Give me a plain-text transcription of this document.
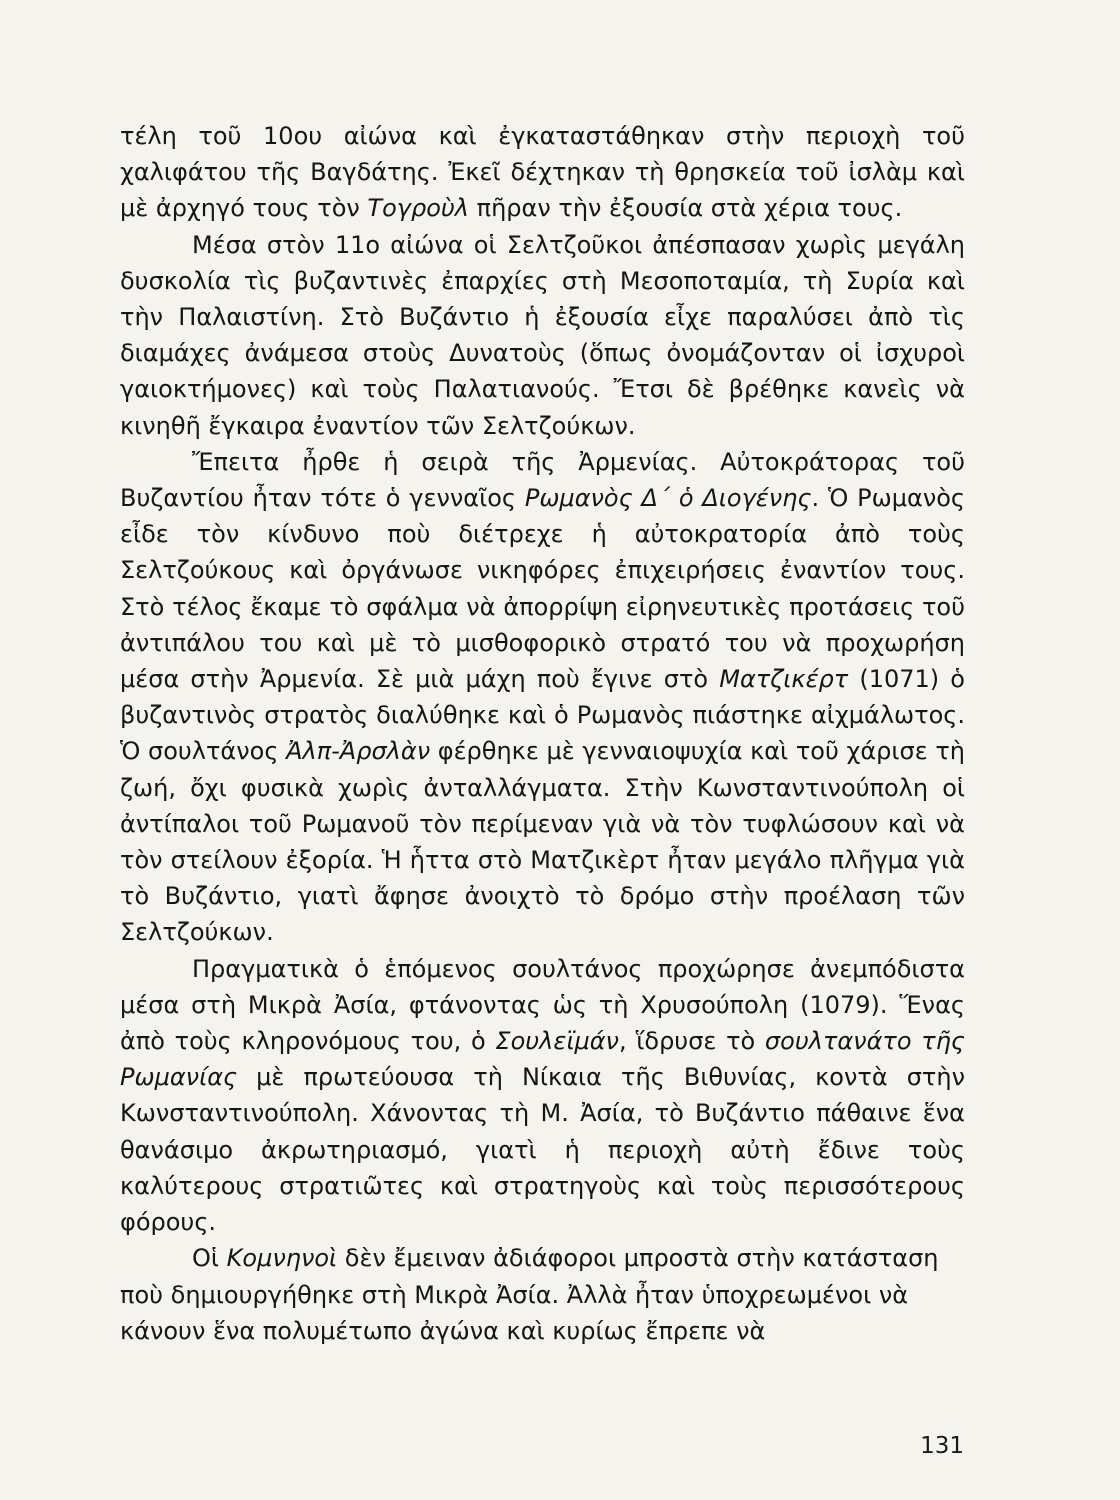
τέλη τοῦ 10ου αἰώνα καὶ ἐγκαταστάθηκαν στὴν περιοχὴ τοῦ χαλιφάτου τῆς Βαγδάτης. Ἐκεῖ δέχτηκαν τὴ θρησκεία τοῦ ἰσλὰμ καὶ μὲ ἀρχηγό τους τὸν Τογροὺλ πῆραν τὴν ἐξουσία στὰ χέρια τους.

Μέσα στὸν 11ο αἰώνα οἱ Σελτζοῦκοι ἀπέσπασαν χωρὶς μεγάλη δυσκολία τὶς βυζαντινὲς ἐπαρχίες στὴ Μεσοποταμία, τὴ Συρία καὶ τὴν Παλαιστίνη. Στὸ Βυζάντιο ἡ ἐξουσία εἶχε παραλύσει ἀπὸ τὶς διαμάχες ἀνάμεσα στοὺς Δυνατοὺς (ὅπως ὀνομάζονταν οἱ ἰσχυροὶ γαιοκτήμονες) καὶ τοὺς Παλατιανούς. Ἔτσι δὲ βρέθηκε κανεὶς νὰ κινηθῆ ἔγκαιρα ἐναντίον τῶν Σελτζούκων.

Ἔπειτα ἦρθε ἡ σειρὰ τῆς Ἀρμενίας. Αὐτοκράτορας τοῦ Βυζαντίου ἦταν τότε ὁ γενναῖος Ρωμανὸς Δ΄ ὁ Διογένης. Ὁ Ρωμανὸς εἶδε τὸν κίνδυνο ποὺ διέτρεχε ἡ αὐτοκρατορία ἀπὸ τοὺς Σελτζούκους καὶ ὀργάνωσε νικηφόρες ἐπιχειρήσεις ἐναντίον τους. Στὸ τέλος ἔκαμε τὸ σφάλμα νὰ ἀπορρίψη εἰρηνευτικὲς προτάσεις τοῦ ἀντιπάλου του καὶ μὲ τὸ μισθοφορικὸ στρατό του νὰ προχωρήση μέσα στὴν Ἀρμενία. Σὲ μιὰ μάχη ποὺ ἔγινε στὸ Ματζικέρτ (1071) ὁ βυζαντινὸς στρατὸς διαλύθηκε καὶ ὁ Ρωμανὸς πιάστηκε αἰχμάλωτος. Ὁ σουλτάνος Ἀλπ-Ἀρσλὰν φέρθηκε μὲ γενναιοψυχία καὶ τοῦ χάρισε τὴ ζωή, ὄχι φυσικὰ χωρὶς ἀνταλλάγματα. Στὴν Κωνσταντινούπολη οἱ ἀντίπαλοι τοῦ Ρωμανοῦ τὸν περίμεναν γιὰ νὰ τὸν τυφλώσουν καὶ νὰ τὸν στείλουν ἐξορία. Ἡ ἧττα στὸ Ματζικὲρτ ἦταν μεγάλο πλῆγμα γιὰ τὸ Βυζάντιο, γιατὶ ἄφησε ἀνοιχτὸ τὸ δρόμο στὴν προέλαση τῶν Σελτζούκων.

Πραγματικὰ ὁ ἑπόμενος σουλτάνος προχώρησε ἀνεμπόδιστα μέσα στὴ Μικρὰ Ἀσία, φτάνοντας ὡς τὴ Χρυσούπολη (1079). Ἕνας ἀπὸ τοὺς κληρονόμους του, ὁ Σουλεϊμάν, ἵδρυσε τὸ σουλτανάτο τῆς Ρωμανίας μὲ πρωτεύουσα τὴ Νίκαια τῆς Βιθυνίας, κοντὰ στὴν Κωνσταντινούπολη. Χάνοντας τὴ Μ. Ἀσία, τὸ Βυζάντιο πάθαινε ἕνα θανάσιμο ἀκρωτηριασμό, γιατὶ ἡ περιοχὴ αὐτὴ ἔδινε τοὺς καλύτερους στρατιῶτες καὶ στρατηγοὺς καὶ τοὺς περισσότερους φόρους.

Οἱ Κομνηνοὶ δὲν ἔμειναν ἀδιάφοροι μπροστὰ στὴν κατάσταση ποὺ δημιουργήθηκε στὴ Μικρὰ Ἀσία. Ἀλλὰ ἦταν ὑποχρεωμένοι νὰ κάνουν ἕνα πολυμέτωπο ἀγώνα καὶ κυρίως ἔπρεπε νὰ

131
